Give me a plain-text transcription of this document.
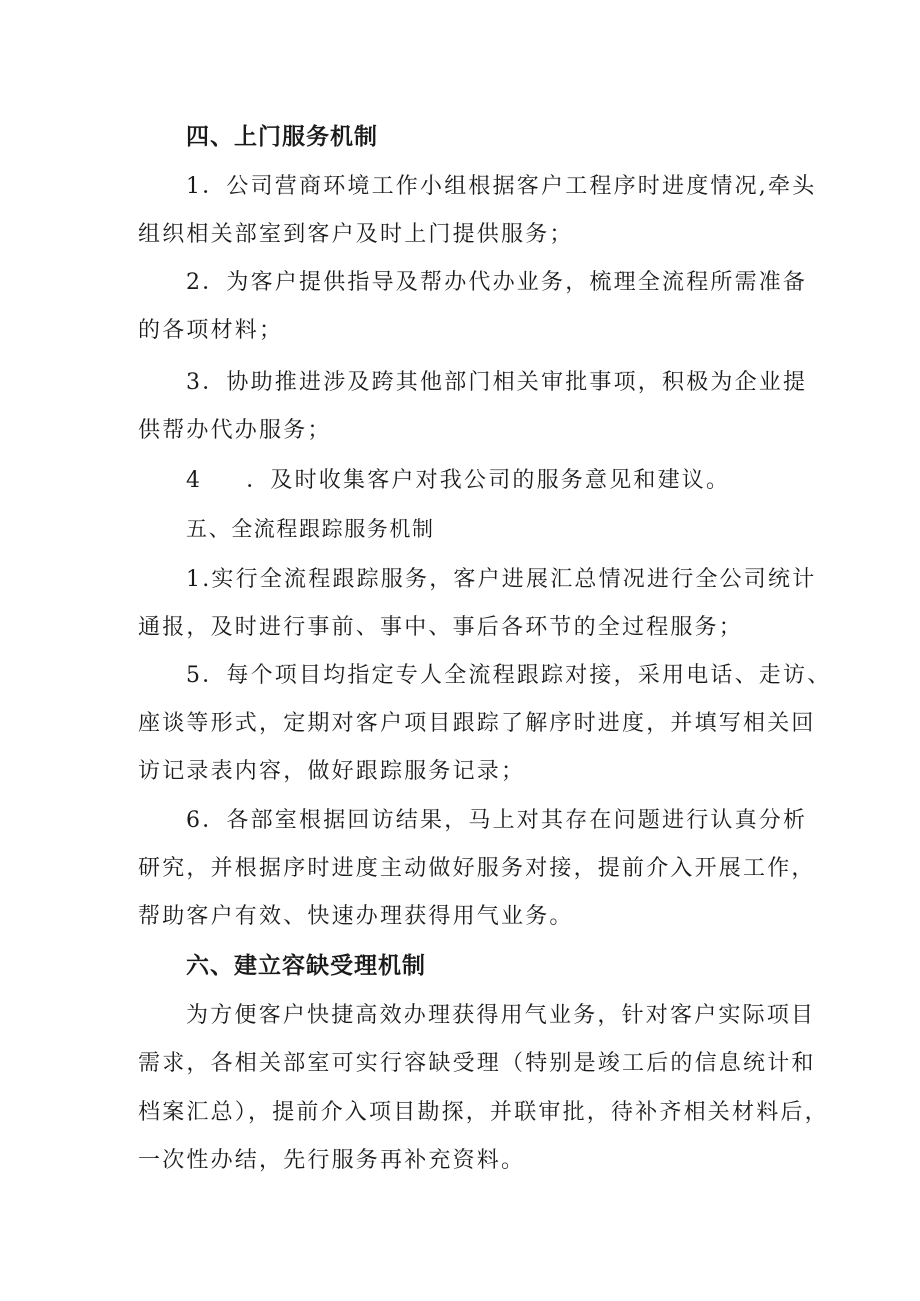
四、上门服务机制
1．公司营商环境工作小组根据客户工程序时进度情况,牵头
组织相关部室到客户及时上门提供服务；
2．为客户提供指导及帮办代办业务，梳理全流程所需准备
的各项材料；
3．协助推进涉及跨其他部门相关审批事项，积极为企业提
供帮办代办服务；
4 ．及时收集客户对我公司的服务意见和建议。
五、全流程跟踪服务机制
1.实行全流程跟踪服务，客户进展汇总情况进行全公司统计
通报，及时进行事前、事中、事后各环节的全过程服务；
5．每个项目均指定专人全流程跟踪对接，采用电话、走访、
座谈等形式，定期对客户项目跟踪了解序时进度，并填写相关回
访记录表内容，做好跟踪服务记录；
6．各部室根据回访结果，马上对其存在问题进行认真分析
研究，并根据序时进度主动做好服务对接，提前介入开展工作，
帮助客户有效、快速办理获得用气业务。
六、建立容缺受理机制
为方便客户快捷高效办理获得用气业务，针对客户实际项目
需求，各相关部室可实行容缺受理（特别是竣工后的信息统计和
档案汇总），提前介入项目勘探，并联审批，待补齐相关材料后，
一次性办结，先行服务再补充资料。
